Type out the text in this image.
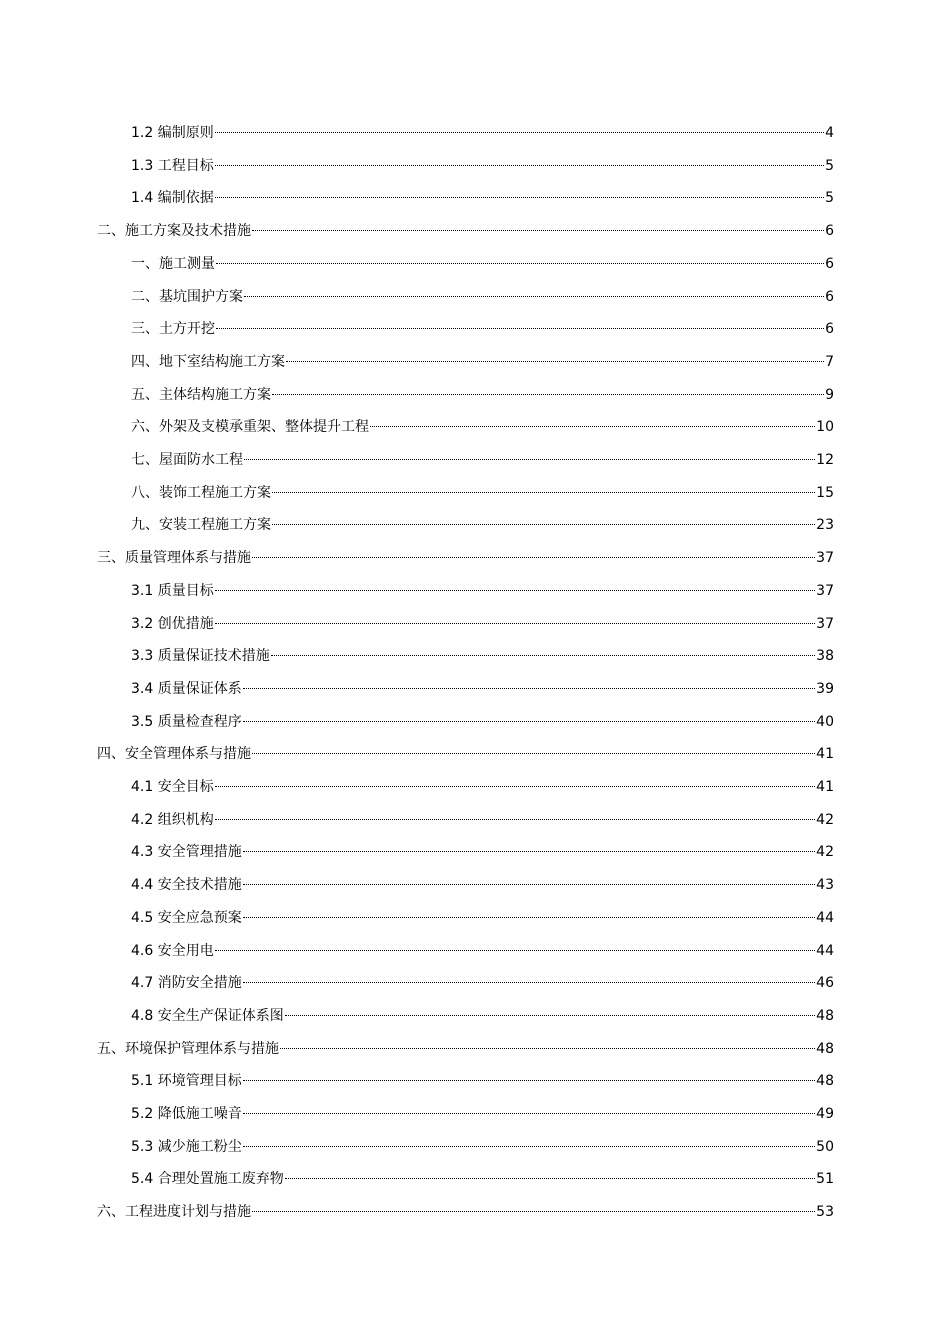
1.2 编制原则	4
1.3 工程目标	5
1.4 编制依据	5
二、施工方案及技术措施	6
一、施工测量	6
二、基坑围护方案	6
三、土方开挖	6
四、地下室结构施工方案	7
五、主体结构施工方案	9
六、外架及支模承重架、整体提升工程	10
七、屋面防水工程	12
八、装饰工程施工方案	15
九、安装工程施工方案	23
三、质量管理体系与措施	37
3.1 质量目标	37
3.2 创优措施	37
3.3 质量保证技术措施	38
3.4 质量保证体系	39
3.5 质量检查程序	40
四、安全管理体系与措施	41
4.1 安全目标	41
4.2 组织机构	42
4.3 安全管理措施	42
4.4 安全技术措施	43
4.5 安全应急预案	44
4.6 安全用电	44
4.7 消防安全措施	46
4.8 安全生产保证体系图	48
五、环境保护管理体系与措施	48
5.1 环境管理目标	48
5.2 降低施工噪音	49
5.3 减少施工粉尘	50
5.4 合理处置施工废弃物	51
六、工程进度计划与措施	53
